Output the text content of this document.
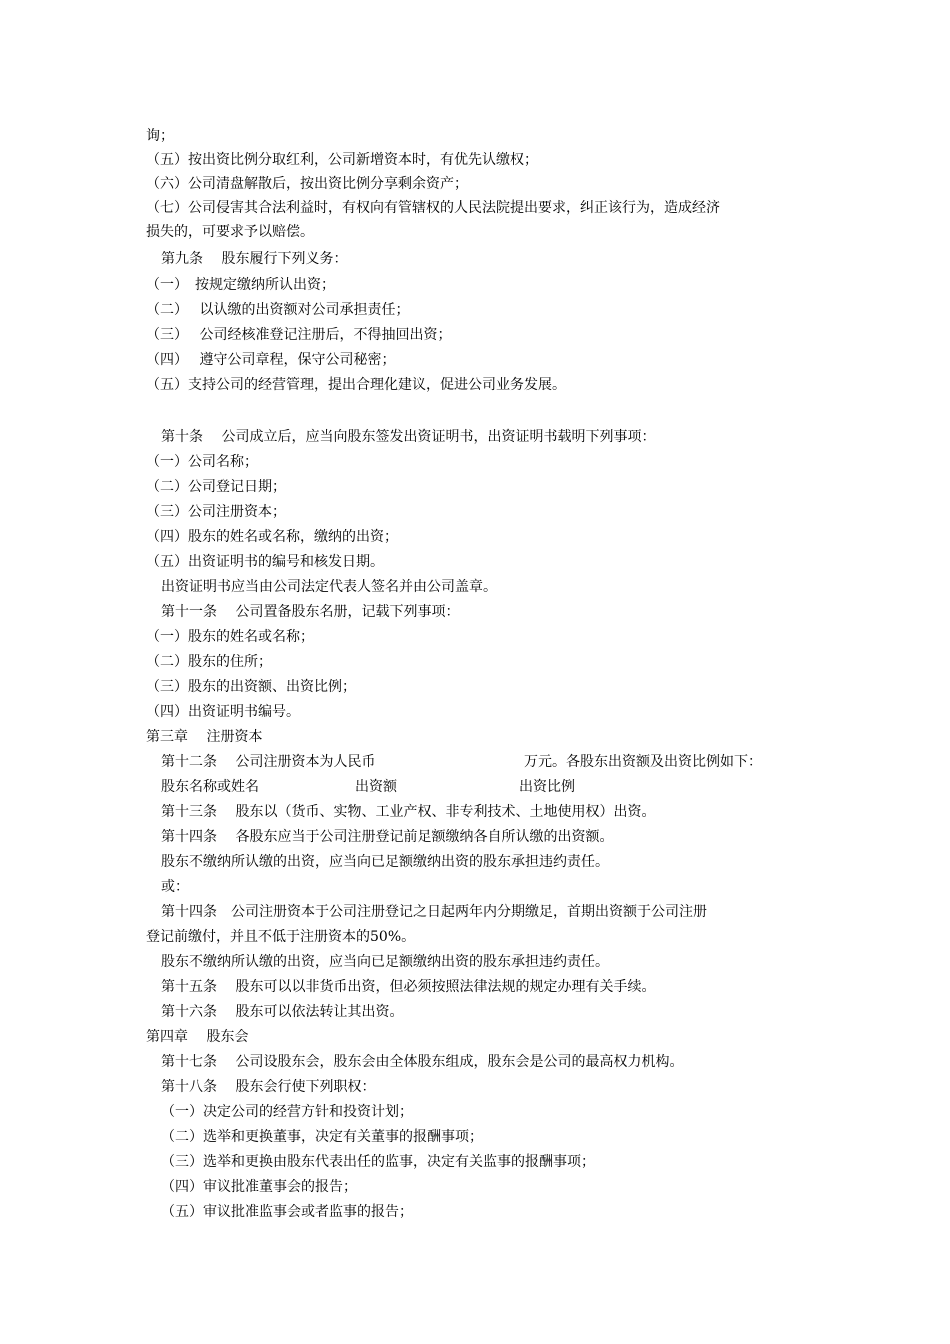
询；
（五）按出资比例分取红利，公司新增资本时，有优先认缴权；
（六）公司清盘解散后，按出资比例分享剩余资产；
（七）公司侵害其合法利益时，有权向有管辖权的人民法院提出要求，纠正该行为，造成经济
损失的，可要求予以赔偿。
第九条　 股东履行下列义务：
（一）　按规定缴纳所认出资；
（二）　 以认缴的出资额对公司承担责任；
（三）　 公司经核准登记注册后，不得抽回出资；
（四）　 遵守公司章程，保守公司秘密；
（五）支持公司的经营管理，提出合理化建议，促进公司业务发展。
第十条　 公司成立后，应当向股东签发出资证明书，出资证明书载明下列事项：
（一）公司名称；
（二）公司登记日期；
（三）公司注册资本；
（四）股东的姓名或名称，缴纳的出资；
（五）出资证明书的编号和核发日期。
出资证明书应当由公司法定代表人签名并由公司盖章。
第十一条　 公司置备股东名册，记载下列事项：
（一）股东的姓名或名称；
（二）股东的住所；
（三）股东的出资额、出资比例；
（四）出资证明书编号。
第三章　 注册资本
第十二条　 公司注册资本为人民币	万元。各股东出资额及出资比例如下：
股东名称或姓名	出资额	出资比例
第十三条　 股东以（货币、实物、工业产权、非专利技术、土地使用权）出资。
第十四条　 各股东应当于公司注册登记前足额缴纳各自所认缴的出资额。
股东不缴纳所认缴的出资，应当向已足额缴纳出资的股东承担违约责任。
或：
第十四条　公司注册资本于公司注册登记之日起两年内分期缴足，首期出资额于公司注册
登记前缴付，并且不低于注册资本的50%。
股东不缴纳所认缴的出资，应当向已足额缴纳出资的股东承担违约责任。
第十五条　 股东可以以非货币出资，但必须按照法律法规的规定办理有关手续。
第十六条　 股东可以依法转让其出资。
第四章　 股东会
第十七条　 公司设股东会，股东会由全体股东组成，股东会是公司的最高权力机构。
第十八条　 股东会行使下列职权：
（一）决定公司的经营方针和投资计划；
（二）选举和更换董事，决定有关董事的报酬事项；
（三）选举和更换由股东代表出任的监事，决定有关监事的报酬事项；
（四）审议批准董事会的报告；
（五）审议批准监事会或者监事的报告；
